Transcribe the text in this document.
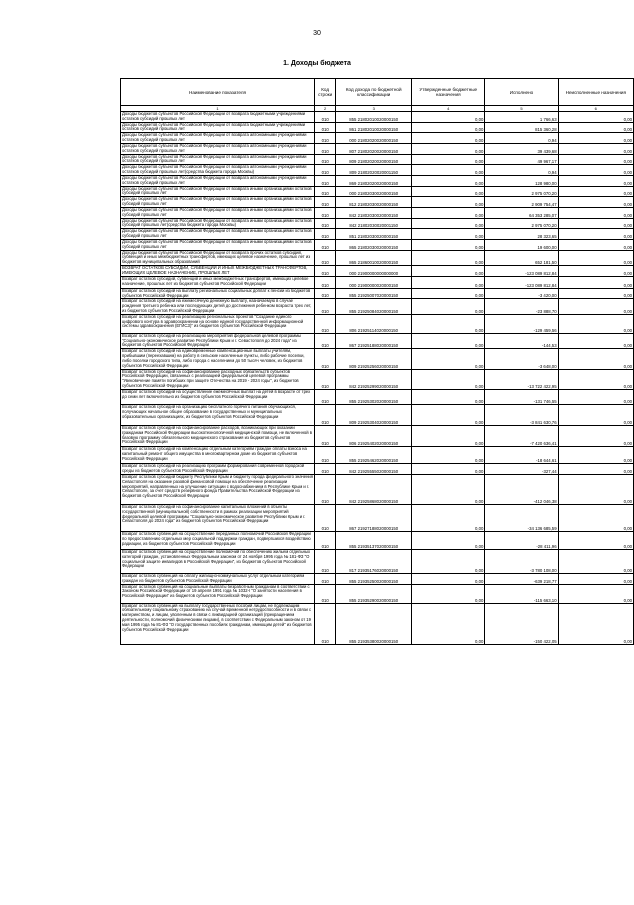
30
1. Доходы бюджета
Наименование показателя	Код строки	Код дохода по бюджетной классификации	Утвержденные бюджетные назначения	Исполнено	Неисполненные назначения
1	2	3	4	5	6
Доходы бюджетов субъектов Российской Федерации от возврата бюджетными учреждениями остатков субсидий прошлых лет	010	855 21802010020000150	0,00	1 766,63	0,00
Доходы бюджетов субъектов Российской Федерации от возврата бюджетными учреждениями остатков субсидий прошлых лет	010	861 21802010020000150	0,00	815 360,28	0,00
Доходы бюджетов субъектов Российской Федерации от возврата автономными учреждениями остатков субсидий прошлых лет	010	000 21802020020000150	0,00	0,94	0,00
Доходы бюджетов субъектов Российской Федерации от возврата автономными учреждениями остатков субсидий прошлых лет	010	807 21802020020000150	0,00	39 439,68	0,00
Доходы бюджетов субъектов Российской Федерации от возврата автономными учреждениями остатков субсидий прошлых лет	010	809 21802020020000150	0,00	49 967,17	0,00
Доходы бюджетов субъектов Российской Федерации от возврата автономными учреждениями остатков субсидий прошлых лет(средства бюджета города Москвы)	010	809 21802020020001150	0,00	0,94	0,00
Доходы бюджетов субъектов Российской Федерации от возврата автономными учреждениями остатков субсидий прошлых лет	010	869 21802020020000150	0,00	128 980,00	0,00
Доходы бюджетов субъектов Российской Федерации от возврата иными организациями остатков субсидий прошлых лет	010	000 21802030020000150	0,00	2 975 070,20	0,00
Доходы бюджетов субъектов Российской Федерации от возврата иными организациями остатков субсидий прошлых лет	010	812 21802030020000150	0,00	2 909 754,47	0,00
Доходы бюджетов субъектов Российской Федерации от возврата иными организациями остатков субсидий прошлых лет	010	842 21802030020000150	0,00	64 353 285,07	0,00
Доходы бюджетов субъектов Российской Федерации от возврата иными организациями остатков субсидий прошлых лет(средства бюджета города Москвы)	010	842 21802030020001150	0,00	2 975 070,20	0,00
Доходы бюджетов субъектов Российской Федерации от возврата иными организациями остатков субсидий прошлых лет	010	851 21802030020000150	0,00	28 323,65	0,00
Доходы бюджетов субъектов Российской Федерации от возврата иными организациями остатков субсидий прошлых лет	010	865 21802030020000150	0,00	19 600,00	0,00
Доходы бюджетов субъектов Российской Федерации от возврата прочих остатков субсидий, субвенций и иных межбюджетных трансфертов, имеющих целевое назначение, прошлых лет из бюджетов муниципальных образований	010	865 21860010020000150	0,00	652 181,50	0,00
ВОЗВРАТ ОСТАТКОВ СУБСИДИЙ, СУБВЕНЦИЙ И ИНЫХ МЕЖБЮДЖЕТНЫХ ТРАНСФЕРТОВ, ИМЕЮЩИХ ЦЕЛЕВОЕ НАЗНАЧЕНИЕ, ПРОШЛЫХ ЛЕТ	010	000 21900000000000000	0,00	-123 089 812,84	0,00
Возврат остатков субсидий, субвенций и иных межбюджетных трансфертов, имеющих целевое назначение, прошлых лет из бюджетов субъектов Российской Федерации	010	000 21900000020000150	0,00	-123 089 812,84	0,00
Возврат остатков субсидий на выплату региональных социальных доплат к пенсии из бюджетов субъектов Российской Федерации	010	855 21925007020000150	0,00	-3 420,00	0,00
Возврат остатков субсидий на ежемесячную денежную выплату, назначаемую в случае рождения третьего ребенка или последующих детей до достижения ребенком возраста трех лет, из бюджетов субъектов Российской Федерации	010	855 21925084020000150	0,00	-23 888,70	0,00
Возврат остатков субсидий на реализацию региональных проектов "Создание единого цифрового контура в здравоохранении на основе единой государственной информационной системы здравоохранения (ЕГИСЗ)" из бюджетов субъектов Российской Федерации	010	806 21925114020000150	0,00	-129 459,56	0,00
Возврат остатков субсидий на реализацию мероприятий федеральной целевой программы "Социально-экономическое развитие Республики Крым и г. Севастополя до 2024 года" из бюджетов субъектов Российской Федерации	010	867 21925188020000150	0,00	-144,53	0,00
Возврат остатков субсидий на единовременные компенсационные выплаты учителям, прибывшим (переехавшим) на работу в сельские населенные пункты, либо рабочие поселки, либо поселки городского типа, либо города с населением до 50 тысяч человек, из бюджетов субъектов Российской Федерации	010	809 21925256020000150	0,00	-3 648,00	0,00
Возврат остатков субсидий на софинансирование расходных обязательств субъектов Российской Федерации, связанных с реализацией федеральной целевой программы "Увековечение памяти погибших при защите Отечества на 2019 - 2024 годы", из бюджетов субъектов Российской Федерации	010	842 21925299020000150	0,00	-13 722 422,95	0,00
Возврат остатков субсидий на осуществление ежемесячных выплат на детей в возрасте от трех до семи лет включительно из бюджетов субъектов Российской Федерации	010	855 21925302020000150	0,00	-131 746,55	0,00
Возврат остатков субсидий на организацию бесплатного горячего питания обучающихся, получающих начальное общее образование в государственных и муниципальных образовательных организациях, из бюджетов субъектов Российской Федерации	010	809 21925304020000150	0,00	-3 841 630,76	0,00
Возврат остатков субсидий на софинансирование расходов, возникающих при оказании гражданам Российской Федерации высокотехнологичной медицинской помощи, не включенной в базовую программу обязательного медицинского страхования из бюджетов субъектов Российской Федерации	010	806 21925402020000150	0,00	-7 420 636,41	0,00
Возврат остатков субсидий на компенсацию отдельным категориям граждан оплаты взноса на капитальный ремонт общего имущества в многоквартирном доме из бюджетов субъектов Российской Федерации	010	855 21925462020000150	0,00	-18 644,61	0,00
Возврат остатков субсидий на реализацию программ формирования современной городской среды из бюджетов субъектов Российской Федерации	010	842 21925555020000150	0,00	-327,44	0,00
Возврат остатков субсидий бюджету Республики Крым и бюджету города федерального значения Севастополя на оказание разовой финансовой помощи на обеспечение реализации мероприятий, направленных на улучшение ситуации с водоснабжением в Республике Крым и г. Севастополе, за счет средств резервного фонда Правительства Российской Федерации из бюджетов субъектов Российской Федерации	010	842 21925868020000150	0,00	-412 046,38	0,00
Возврат остатков субсидий на софинансирование капитальных вложений в объекты государственной (муниципальной) собственности в рамках реализации мероприятий федеральной целевой программы "Социально-экономическое развитие Республики Крым и г. Севастополя до 2024 года" из бюджетов субъектов Российской Федерации	010	867 21927188020000150	0,00	-34 136 685,59	0,00
Возврат остатков субвенций на осуществление переданных полномочий Российской Федерации по предоставлению отдельных мер социальной поддержки граждан, подвергшихся воздействию радиации, из бюджетов субъектов Российской Федерации	010	855 21935137020000150	0,00	-28 411,96	0,00
Возврат остатков субвенций на осуществление полномочий по обеспечению жильем отдельных категорий граждан, установленных Федеральным законом от 24 ноября 1995 года № 181-ФЗ "О социальной защите инвалидов в Российской Федерации", из бюджетов субъектов Российской Федерации	010	817 21935176020000150	0,00	-3 780 108,00	0,00
Возврат остатков субвенций на оплату жилищно-коммунальных услуг отдельным категориям граждан из бюджетов субъектов Российской Федерации	010	855 21935250020000150	0,00	-639 218,77	0,00
Возврат остатков субвенций на социальные выплаты безработным гражданам в соответствии с Законом Российской Федерации от 19 апреля 1991 года № 1032-I "О занятости населения в Российской Федерации" из бюджетов субъектов Российской Федерации	010	855 21935290020000150	0,00	-115 663,10	0,00
Возврат остатков субвенций на выплату государственных пособий лицам, не подлежащим обязательному социальному страхованию на случай временной нетрудоспособности и в связи с материнством, и лицам, уволенным в связи с ликвидацией организаций (прекращением деятельности, полномочий физическими лицами), в соответствии с Федеральным законом от 19 мая 1995 года № 81-ФЗ "О государственных пособиях гражданам, имеющим детей" из бюджетов субъектов Российской Федерации	010	855 21935380020000150	0,00	-150 422,05	0,00
